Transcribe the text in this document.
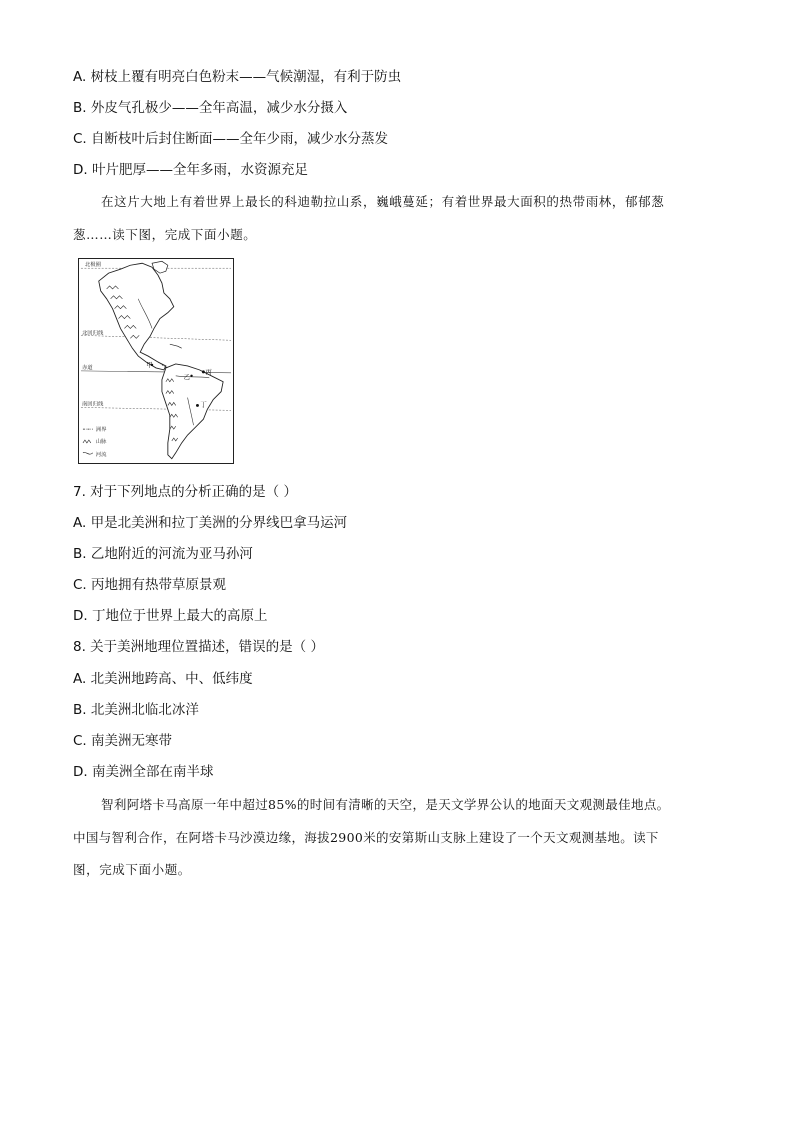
A. 树枝上覆有明亮白色粉末——气候潮湿，有利于防虫
B. 外皮气孔极少——全年高温，减少水分摄入
C. 自断枝叶后封住断面——全年少雨，减少水分蒸发
D. 叶片肥厚——全年多雨，水资源充足
在这片大地上有着世界上最长的科迪勒拉山系，巍峨蔓延；有着世界最大面积的热带雨林，郁郁葱
葱……读下图，完成下面小题。
北极圈
北回归线
赤道
南回归线
甲
乙
丙
丁
洲界
山脉
河流
7. 对于下列地点的分析正确的是（ ）
A. 甲是北美洲和拉丁美洲的分界线巴拿马运河
B. 乙地附近的河流为亚马孙河
C. 丙地拥有热带草原景观
D. 丁地位于世界上最大的高原上
8. 关于美洲地理位置描述，错误的是（ ）
A. 北美洲地跨高、中、低纬度
B. 北美洲北临北冰洋
C. 南美洲无寒带
D. 南美洲全部在南半球
智利阿塔卡马高原一年中超过85%的时间有清晰的天空，是天文学界公认的地面天文观测最佳地点。
中国与智利合作，在阿塔卡马沙漠边缘，海拔2900米的安第斯山支脉上建设了一个天文观测基地。读下
图，完成下面小题。
